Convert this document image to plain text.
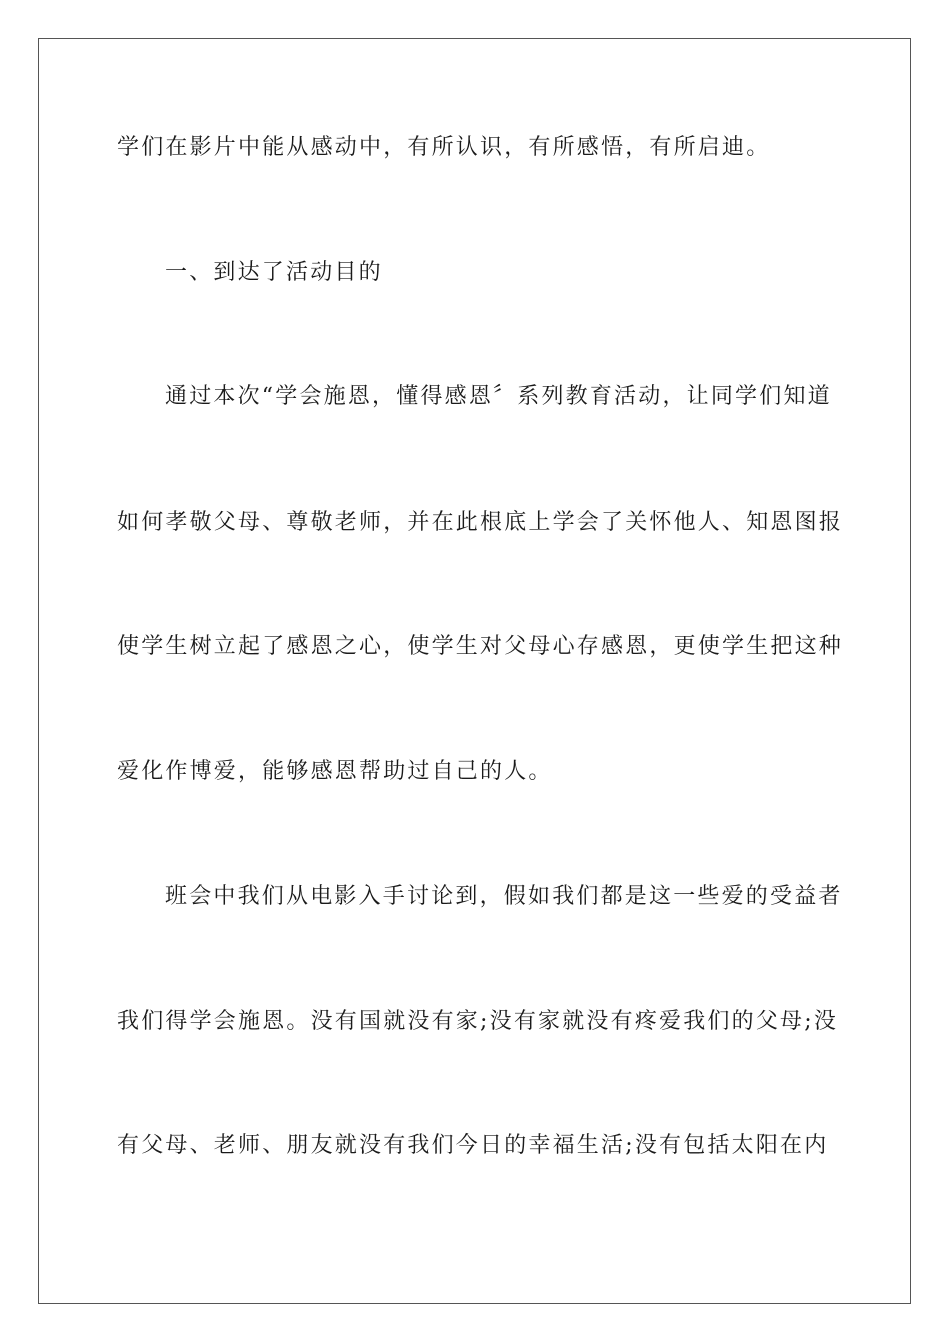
学们在影片中能从感动中，有所认识，有所感悟，有所启迪。
一、到达了活动目的
通过本次“学会施恩，懂得感恩〞系列教育活动，让同学们知道
如何孝敬父母、尊敬老师，并在此根底上学会了关怀他人、知恩图报
使学生树立起了感恩之心，使学生对父母心存感恩，更使学生把这种
爱化作博爱，能够感恩帮助过自己的人。
班会中我们从电影入手讨论到，假如我们都是这一些爱的受益者
我们得学会施恩。没有国就没有家;没有家就没有疼爱我们的父母;没
有父母、老师、朋友就没有我们今日的幸福生活;没有包括太阳在内
